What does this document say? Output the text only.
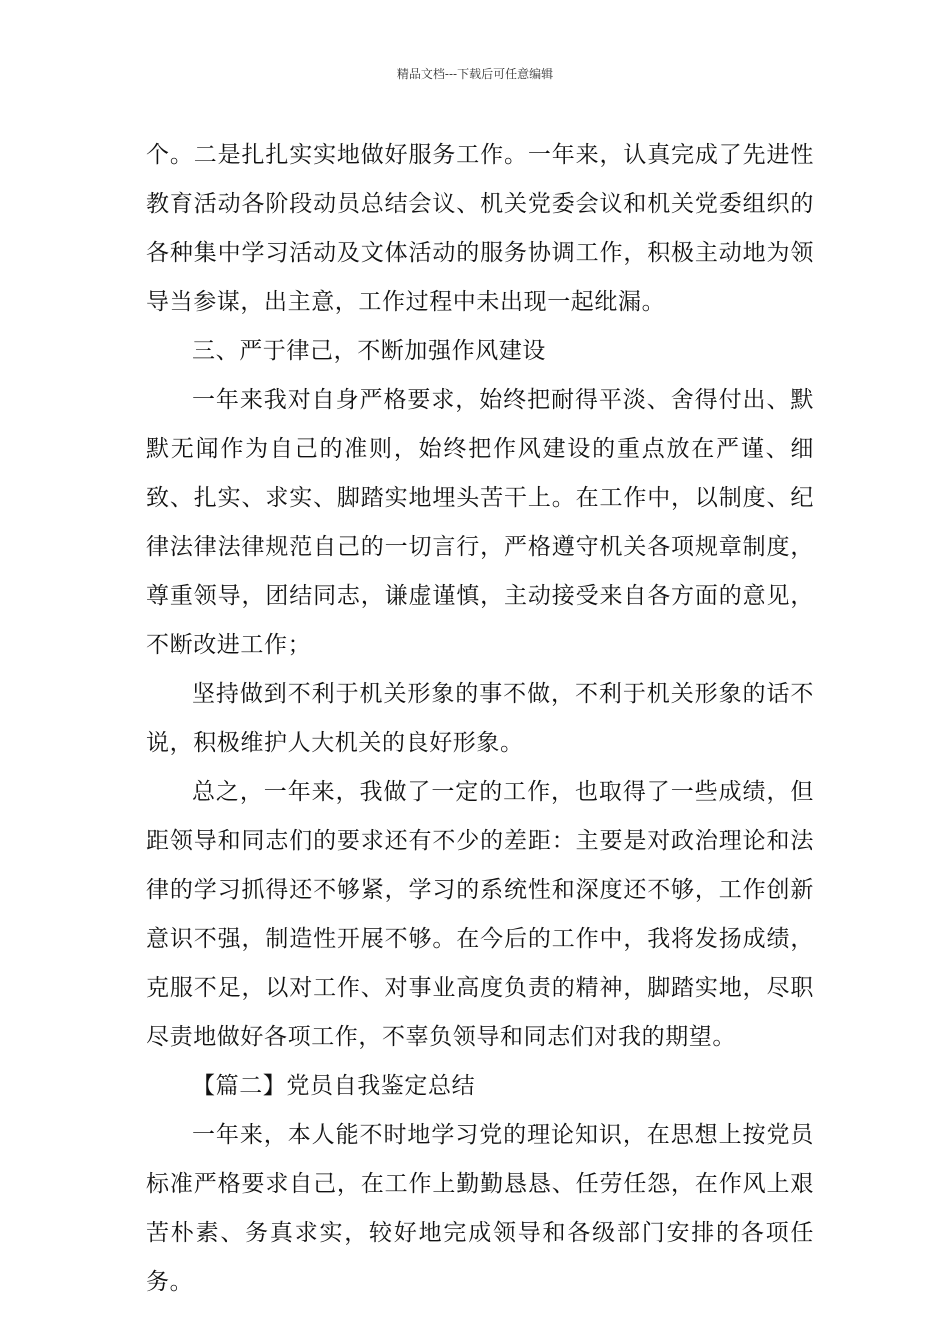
精品文档---下载后可任意编辑

个。二是扎扎实实地做好服务工作。一年来，认真完成了先进性教育活动各阶段动员总结会议、机关党委会议和机关党委组织的各种集中学习活动及文体活动的服务协调工作，积极主动地为领导当参谋，出主意，工作过程中未出现一起纰漏。

三、严于律己，不断加强作风建设

一年来我对自身严格要求，始终把耐得平淡、舍得付出、默默无闻作为自己的准则，始终把作风建设的重点放在严谨、细致、扎实、求实、脚踏实地埋头苦干上。在工作中，以制度、纪律法律法律规范自己的一切言行，严格遵守机关各项规章制度，尊重领导，团结同志，谦虚谨慎，主动接受来自各方面的意见，不断改进工作；

坚持做到不利于机关形象的事不做，不利于机关形象的话不说，积极维护人大机关的良好形象。

总之，一年来，我做了一定的工作，也取得了一些成绩，但距领导和同志们的要求还有不少的差距：主要是对政治理论和法律的学习抓得还不够紧，学习的系统性和深度还不够，工作创新意识不强，制造性开展不够。在今后的工作中，我将发扬成绩，克服不足，以对工作、对事业高度负责的精神，脚踏实地，尽职尽责地做好各项工作，不辜负领导和同志们对我的期望。

【篇二】党员自我鉴定总结

一年来，本人能不时地学习党的理论知识，在思想上按党员标准严格要求自己，在工作上勤勤恳恳、任劳任怨，在作风上艰苦朴素、务真求实，较好地完成领导和各级部门安排的各项任务。
